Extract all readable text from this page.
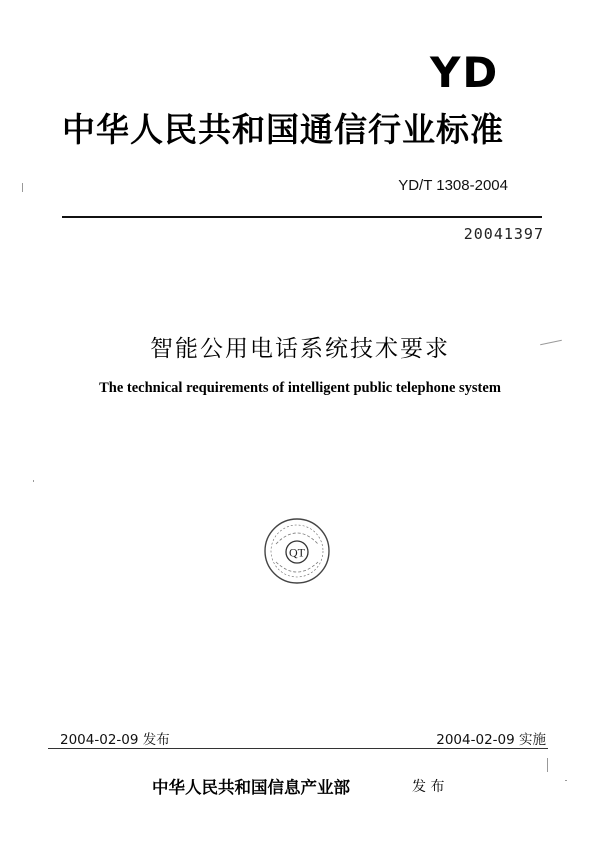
YD
中华人民共和国通信行业标准
YD/T 1308-2004
20041397
智能公用电话系统技术要求
The technical requirements of intelligent public telephone system
QT
2004-02-09 发布	2004-02-09 实施
中华人民共和国信息产业部	发 布
